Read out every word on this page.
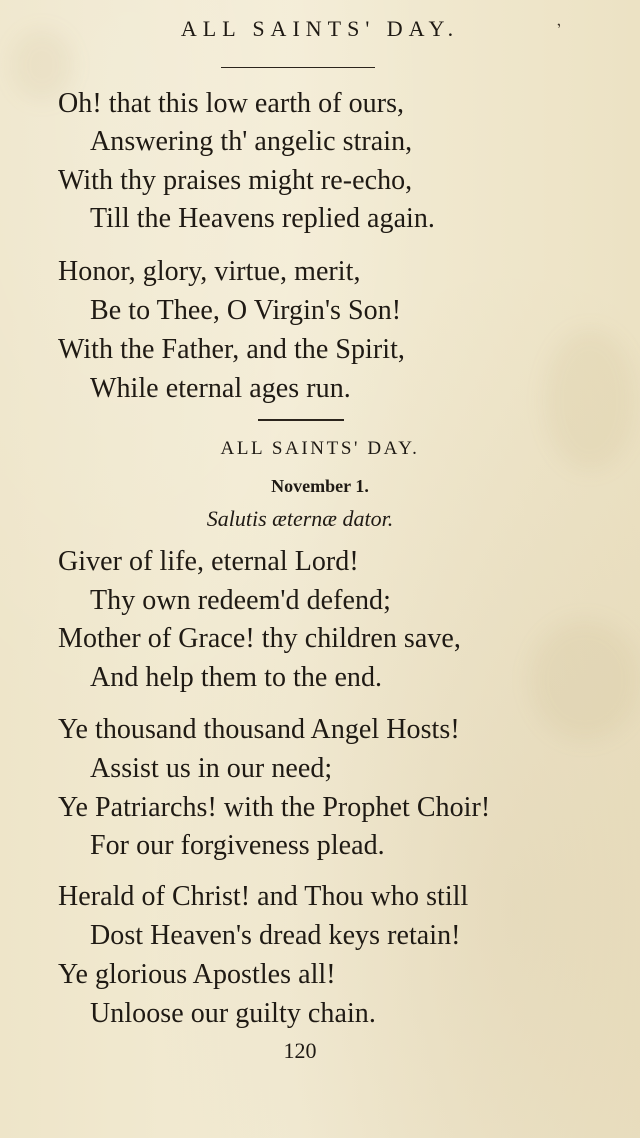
ALL SAINTS' DAY.	ʼ
Oh! that this low earth of ours,
Answering th' angelic strain,
With thy praises might re-echo,
Till the Heavens replied again.
Honor, glory, virtue, merit,
Be to Thee, O Virgin's Son!
With the Father, and the Spirit,
While eternal ages run.
ALL SAINTS' DAY.
November 1.
Salutis æternæ dator.
Giver of life, eternal Lord!
Thy own redeem'd defend;
Mother of Grace! thy children save,
And help them to the end.
Ye thousand thousand Angel Hosts!
Assist us in our need;
Ye Patriarchs! with the Prophet Choir!
For our forgiveness plead.
Herald of Christ! and Thou who still
Dost Heaven's dread keys retain!
Ye glorious Apostles all!
Unloose our guilty chain.
120
